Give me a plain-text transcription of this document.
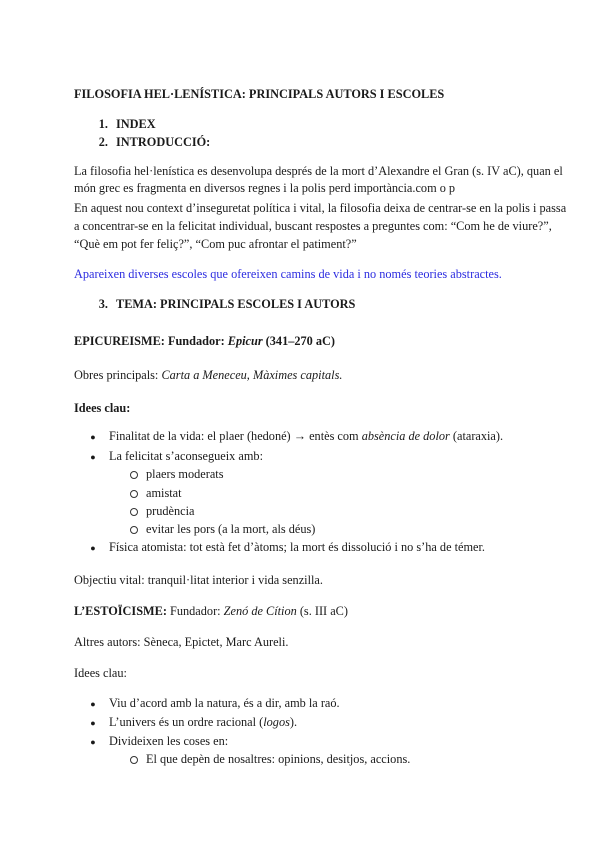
FILOSOFIA HEL·LENÍSTICA: PRINCIPALS AUTORS I ESCOLES
1. INDEX
2. INTRODUCCIÓ:
La filosofia hel·lenística es desenvolupa després de la mort d’Alexandre el Gran (s. IV aC), quan el
món grec es fragmenta en diversos regnes i la polis perd importància.com o p
En aquest nou context d’inseguretat política i vital, la filosofia deixa de centrar-se en la polis i passa
a concentrar-se en la felicitat individual, buscant respostes a preguntes com: “Com he de viure?”,
“Què em pot fer feliç?”, “Com puc afrontar el patiment?”
Apareixen diverses escoles que ofereixen camins de vida i no només teories abstractes.
3. TEMA: PRINCIPALS ESCOLES I AUTORS
EPICUREISME: Fundador: Epicur (341–270 aC)
Obres principals: Carta a Meneceu, Màximes capitals.
Idees clau:
● Finalitat de la vida: el plaer (hedoné) → entès com absència de dolor (ataraxia).
● La felicitat s’aconsegueix amb:
plaers moderats
amistat
prudència
evitar les pors (a la mort, als déus)
● Física atomista: tot està fet d’àtoms; la mort és dissolució i no s’ha de témer.
Objectiu vital: tranquil·litat interior i vida senzilla.
L’ESTOÏCISME: Fundador: Zenó de Cítion (s. III aC)
Altres autors: Sèneca, Epictet, Marc Aureli.
Idees clau:
● Viu d’acord amb la natura, és a dir, amb la raó.
● L’univers és un ordre racional (logos).
● Divideixen les coses en:
El que depèn de nosaltres: opinions, desitjos, accions.
